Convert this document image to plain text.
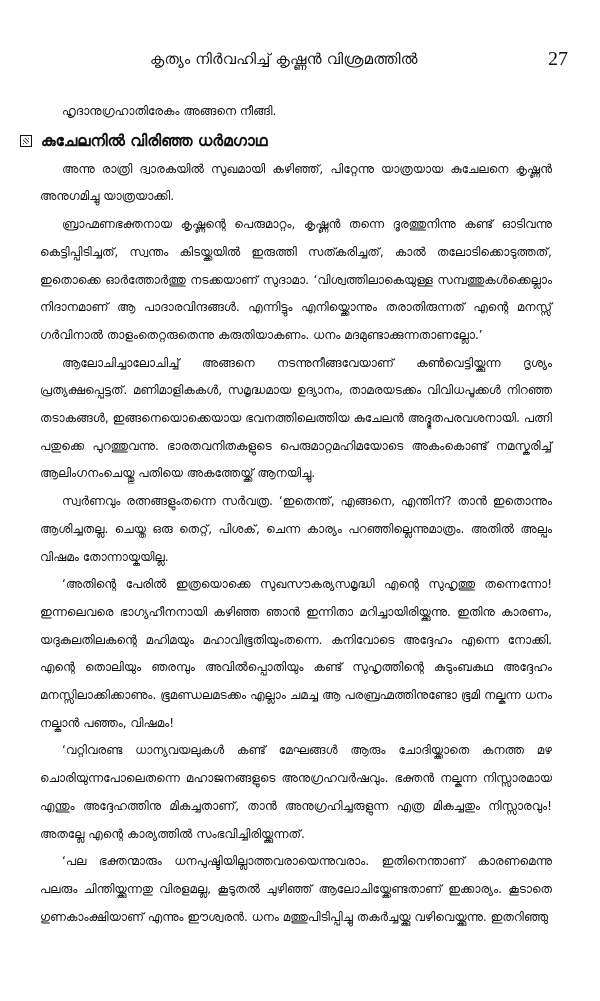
കൃത്യം നിർവഹിച്ച് കൃഷ്ണൻ വിശ്രമത്തിൽ	27

ഹൃദാനുഗ്രഹാതിരേകം അങ്ങനെ നീങ്ങി.

കുചേലനിൽ വിരിഞ്ഞ ധർമഗാഥ

അന്നു രാത്രി ദ്വാരകയിൽ സുഖമായി കഴിഞ്ഞ്, പിറ്റേന്നു യാത്രയായ കുചേലനെ കൃഷ്ണൻ അനുഗമിച്ചു യാത്രയാക്കി.

ബ്രാഹ്മണഭക്തനായ കൃഷ്ണന്റെ പെരുമാറ്റം, കൃഷ്ണൻ തന്നെ ദൂരത്തുനിന്നു കണ്ട് ഓടിവന്നു കെട്ടിപ്പിടിച്ചത്, സ്വന്തം കിടയ്ക്കയിൽ ഇരുത്തി സത്കരിച്ചത്, കാൽ തലോടിക്കൊടുത്തത്, ഇതൊക്കെ ഓർത്തോർത്തു നടക്കയാണ് സുദാമാ. ‘വിശ്വത്തിലാകെയുള്ള സമ്പത്തുകൾക്കെല്ലാം നിദാനമാണ് ആ പാദാരവിന്ദങ്ങൾ. എന്നിട്ടും എനിയ്ക്കൊന്നും തരാതിരുന്നത് എന്റെ മനസ്സ് ഗർവിനാൽ താളംതെറ്റരുതെന്നു കരുതിയാകണം. ധനം മദമുണ്ടാക്കുന്നതാണല്ലോ.’

ആലോചിച്ചാലോചിച്ച് അങ്ങനെ നടന്നുനീങ്ങവേയാണ് കൺവെട്ടിയ്ക്കുന്ന ദൃശ്യം പ്രത്യക്ഷപ്പെട്ടത്. മണിമാളികകൾ, സമൃദ്ധമായ ഉദ്യാനം, താമരയടക്കം വിവിധപൂക്കൾ നിറഞ്ഞ തടാകങ്ങൾ, ഇങ്ങനെയൊക്കെയായ ഭവനത്തിലെത്തിയ കുചേലൻ അദ്ഭുതപരവശനായി. പത്നി പതുക്കെ പുറത്തുവന്നു. ഭാരതവനിതകളുടെ പെരുമാറ്റമഹിമയോടെ അകംകൊണ്ട് നമസ്കരിച്ച് ആലിംഗനംചെയ്തു പതിയെ അകത്തേയ്ക്ക് ആനയിച്ചു.

സ്വർണവും രത്നങ്ങളുംതന്നെ സർവത്ര. ‘ഇതെന്ത്, എങ്ങനെ, എന്തിന്? താൻ ഇതൊന്നും ആശിച്ചതല്ല. ചെയ്ത ഒരു തെറ്റ്, പിശക്, ചെന്ന കാര്യം പറഞ്ഞില്ലെന്നുമാത്രം. അതിൽ അല്പം വിഷമം തോന്നായ്കയില്ല.

‘അതിന്റെ പേരിൽ ഇത്രയൊക്കെ സുഖസൗകര്യസമൃദ്ധി എന്റെ സുഹൃത്തു തന്നെന്നോ! ഇന്നലെവരെ ഭാഗ്യഹീനനായി കഴിഞ്ഞ ഞാൻ ഇന്നിതാ മറിച്ചായിരിയ്ക്കുന്നു. ഇതിനു കാരണം, യദുകുലതിലകന്റെ മഹിമയും മഹാവിഭൂതിയുംതന്നെ. കനിവോടെ അദ്ദേഹം എന്നെ നോക്കി. എന്റെ തൊലിയും ഞരമ്പും അവിൽപ്പൊതിയും കണ്ട് സുഹൃത്തിന്റെ കുടുംബകഥ അദ്ദേഹം മനസ്സിലാക്കിക്കാണും. ഭൂമണ്ഡലമടക്കം എല്ലാം ചമച്ച ആ പരബ്രഹ്മത്തിനുണ്ടോ ഭൂമി നല്കുന്ന ധനം നല്കാൻ പഞ്ഞം, വിഷമം!

‘വറ്റിവരണ്ട ധാന്യവയലുകൾ കണ്ട് മേഘങ്ങൾ ആരും ചോദിയ്ക്കാതെ കനത്ത മഴ ചൊരിയുന്നപോലെതന്നെ മഹാജനങ്ങളുടെ അനുഗ്രഹവർഷവും. ഭക്തൻ നല്കുന്ന നിസ്സാരമായ എന്തും അദ്ദേഹത്തിനു മികച്ചതാണ്, താൻ അനുഗ്രഹിച്ചരുളുന്ന എത്ര മികച്ചതും നിസ്സാരവും! അതല്ലേ എന്റെ കാര്യത്തിൽ സംഭവിച്ചിരിയ്ക്കുന്നത്.

‘പല ഭക്തന്മാരും ധനപുഷ്ടിയില്ലാത്തവരായെന്നുവരാം. ഇതിനെന്താണ് കാരണമെന്നു പലരും ചിന്തിയ്ക്കുന്നതു വിരളമല്ല, കൂടുതൽ ചുഴിഞ്ഞ് ആലോചിയ്ക്കേണ്ടതാണ് ഇക്കാര്യം. കൂടാതെ ഗുണകാംക്ഷിയാണ് എന്നും ഈശ്വരൻ. ധനം മത്തുപിടിപ്പിച്ചു തകർച്ചയ്ക്കു വഴിവെയ്ക്കുന്നു. ഇതറിഞ്ഞു
